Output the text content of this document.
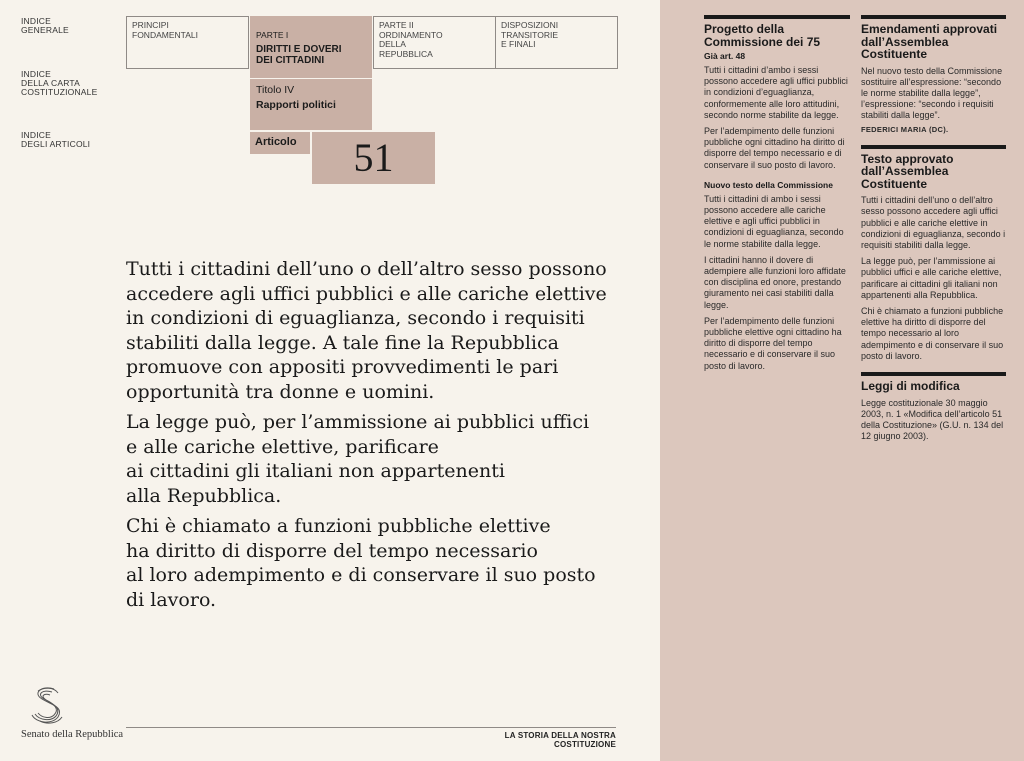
INDICE
GENERALE
INDICE
DELLA CARTA
COSTITUZIONALE
INDICE
DEGLI ARTICOLI
PRINCIPI
FONDAMENTALI	PARTE I

DIRITTI E DOVERI
DEI CITTADINI

PARTE II
ORDINAMENTO
DELLA
REPUBBLICA
DISPOSIZIONI
TRANSITORIE
E FINALI
Titolo IV
Rapporti politici
Articolo	51

Tutti i cittadini dell’uno o dell’altro sesso possono
accedere agli uffici pubblici e alle cariche elettive
in condizioni di eguaglianza, secondo i requisiti
stabiliti dalla legge. A tale fine la Repubblica
promuove con appositi provvedimenti le pari
opportunità tra donne e uomini.

La legge può, per l’ammissione ai pubblici uffici
e alle cariche elettive, parificare
ai cittadini gli italiani non appartenenti
alla Repubblica.

Chi è chiamato a funzioni pubbliche elettive
ha diritto di disporre del tempo necessario
al loro adempimento e di conservare il suo posto
di lavoro.

Senato della Repubblica	LA STORIA DELLA NOSTRA COSTITUZIONE
Progetto della
Commissione dei 75
Già art. 48

Tutti i cittadini d’ambo i sessi possono accedere agli uffici pubblici in condizioni d’eguaglianza, conformemente alle loro attitudini, secondo norme stabilite da legge.

Per l’adempimento delle funzioni pubbliche ogni cittadino ha diritto di disporre del tempo necessario e di conservare il suo posto di lavoro.

Nuovo testo della Commissione

Tutti i cittadini di ambo i sessi possono accedere alle cariche elettive e agli uffici pubblici in condizioni di eguaglianza, secondo le norme stabilite dalla legge.

I cittadini hanno il dovere di adempiere alle funzioni loro affidate con disciplina ed onore, prestando giuramento nei casi stabiliti dalla legge.

Per l’adempimento delle funzioni pubbliche elettive ogni cittadino ha diritto di disporre del tempo necessario e di conservare il suo posto di lavoro.

Emendamenti approvati
dall’Assemblea
Costituente

Nel nuovo testo della Commissione sostituire all’espressione: “secondo le norme stabilite dalla legge”, l’espressione: “secondo i requisiti stabiliti dalla legge”.

FEDERICI MARIA (DC).

Testo approvato
dall’Assemblea
Costituente

Tutti i cittadini dell’uno o dell’altro sesso possono accedere agli uffici pubblici e alle cariche elettive in condizioni di eguaglianza, secondo i requisiti stabiliti dalla legge.

La legge può, per l’ammissione ai pubblici uffici e alle cariche elettive, parificare ai cittadini gli italiani non appartenenti alla Repubblica.

Chi è chiamato a funzioni pubbliche elettive ha diritto di disporre del tempo necessario al loro adempimento e di conservare il suo posto di lavoro.

Leggi di modifica

Legge costituzionale 30 maggio 2003, n. 1 «Modifica dell’articolo 51 della Costituzione» (G.U. n. 134 del 12 giugno 2003).
